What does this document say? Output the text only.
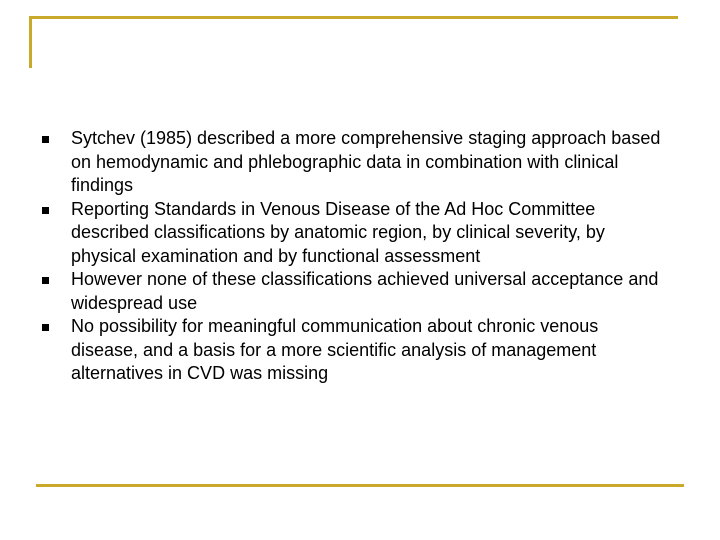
Sytchev (1985) described a more comprehensive staging approach based on hemodynamic and phlebographic data in combination with clinical findings
Reporting Standards in Venous Disease of the Ad Hoc Committee described classifications by anatomic region, by clinical severity, by physical examination and by functional assessment
However none of these classifications achieved universal acceptance and widespread use
No possibility for meaningful communication about chronic venous disease, and a basis for a more scientific analysis of management alternatives in CVD was missing
